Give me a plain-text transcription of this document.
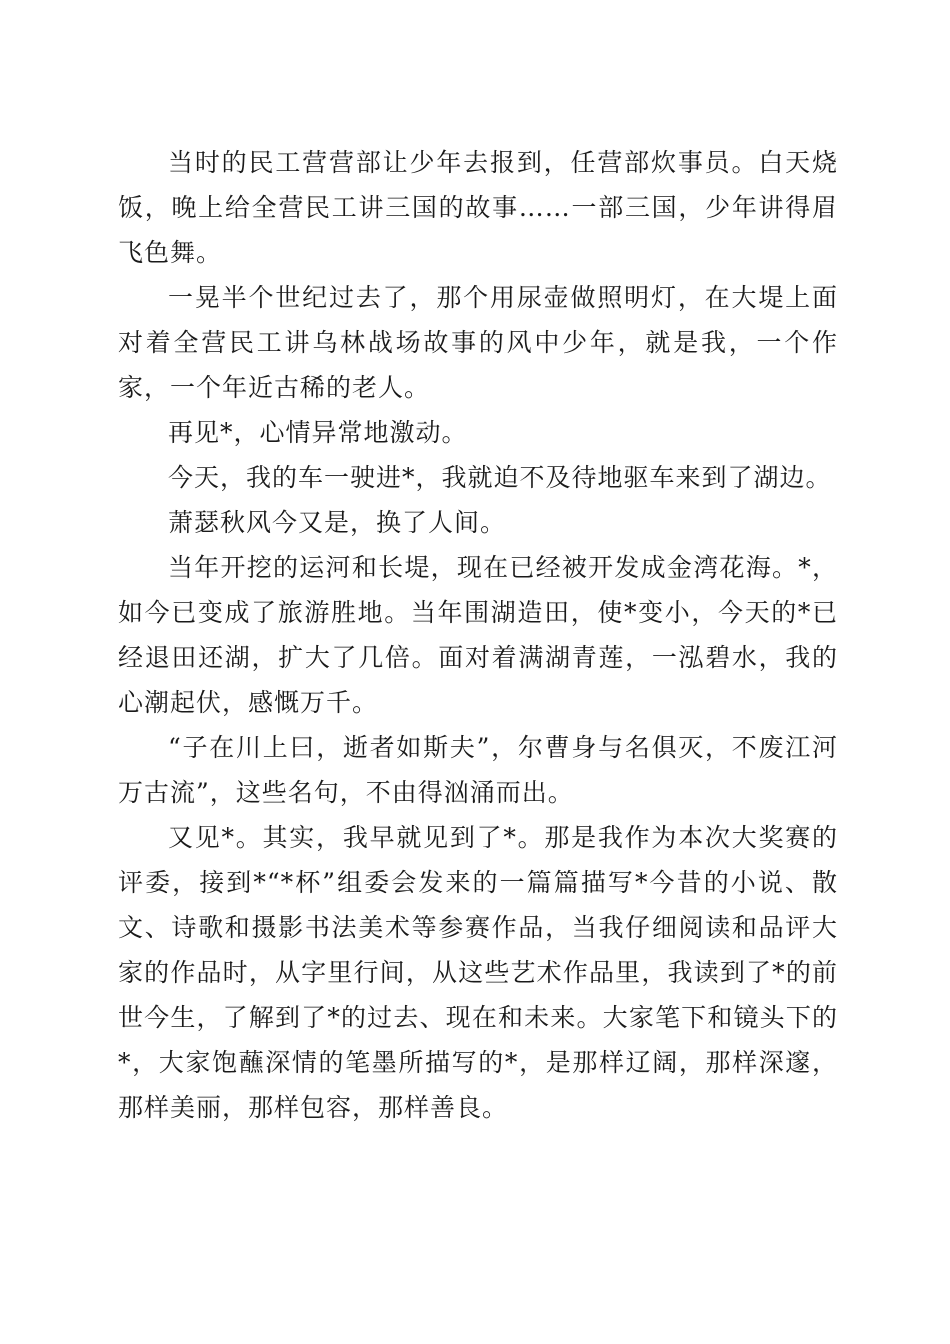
当时的民工营营部让少年去报到，任营部炊事员。白天烧饭，晚上给全营民工讲三国的故事……一部三国，少年讲得眉飞色舞。

一晃半个世纪过去了，那个用尿壶做照明灯，在大堤上面对着全营民工讲乌林战场故事的风中少年，就是我，一个作家，一个年近古稀的老人。

再见*，心情异常地激动。

今天，我的车一驶进*，我就迫不及待地驱车来到了湖边。

萧瑟秋风今又是，换了人间。

当年开挖的运河和长堤，现在已经被开发成金湾花海。*，如今已变成了旅游胜地。当年围湖造田，使*变小，今天的*已经退田还湖，扩大了几倍。面对着满湖青莲，一泓碧水，我的心潮起伏，感慨万千。

“子在川上曰，逝者如斯夫”，尔曹身与名俱灭，不废江河万古流”，这些名句，不由得汹涌而出。

又见*。其实，我早就见到了*。那是我作为本次大奖赛的评委，接到*“*杯”组委会发来的一篇篇描写*今昔的小说、散文、诗歌和摄影书法美术等参赛作品，当我仔细阅读和品评大家的作品时，从字里行间，从这些艺术作品里，我读到了*的前世今生，了解到了*的过去、现在和未来。大家笔下和镜头下的*，大家饱蘸深情的笔墨所描写的*，是那样辽阔，那样深邃，那样美丽，那样包容，那样善良。
